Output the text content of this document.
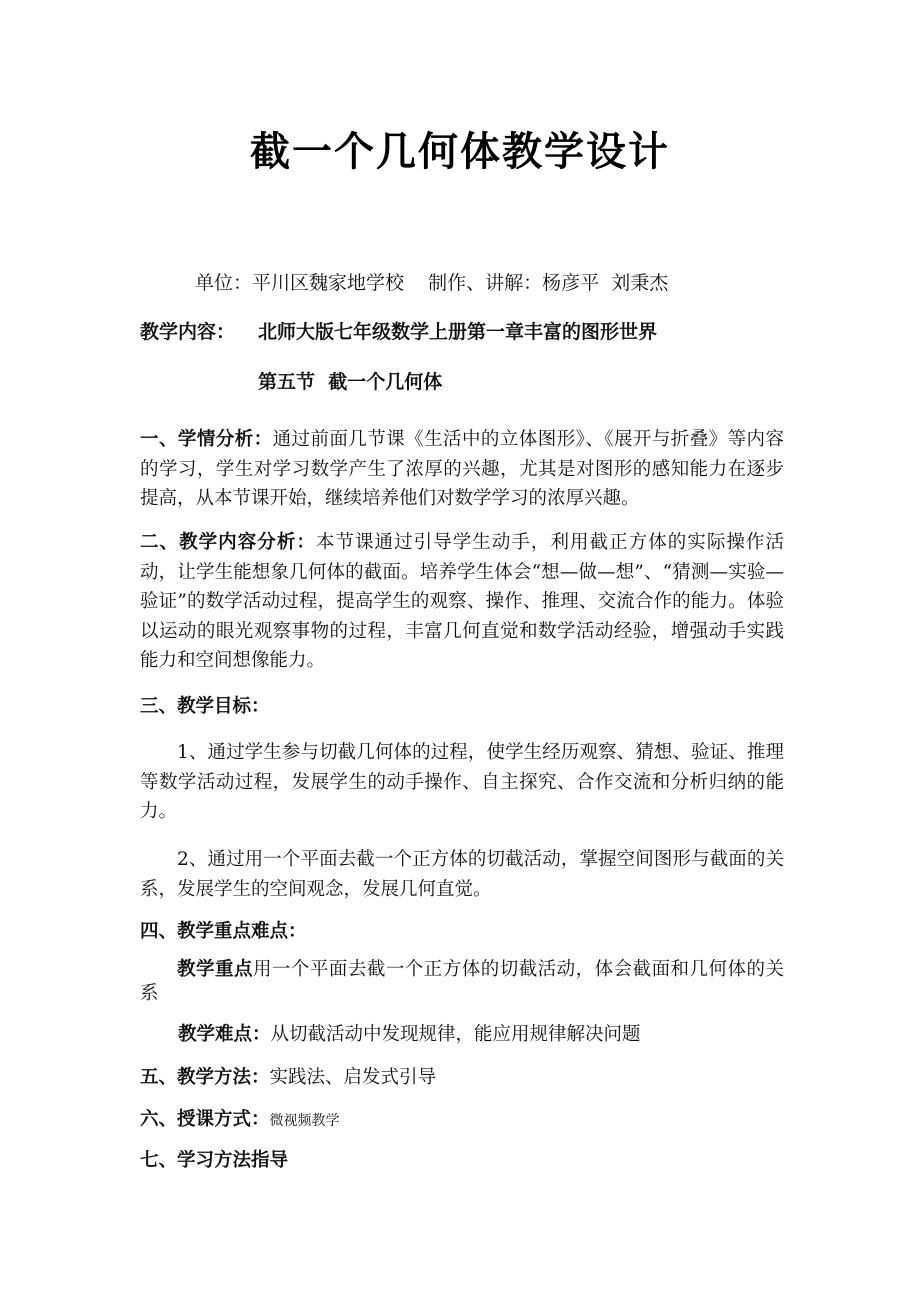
截一个几何体教学设计
单位：平川区魏家地学校    制作、讲解：杨彦平  刘秉杰
教学内容： 北师大版七年级数学上册第一章丰富的图形世界
第五节  截一个几何体
一、学情分析：通过前面几节课《生活中的立体图形》、《展开与折叠》等内容的学习，学生对学习数学产生了浓厚的兴趣，尤其是对图形的感知能力在逐步提高，从本节课开始，继续培养他们对数学学习的浓厚兴趣。
二、教学内容分析：本节课通过引导学生动手，利用截正方体的实际操作活动，让学生能想象几何体的截面。培养学生体会“想—做—想”、“猜测—实验—验证”的数学活动过程，提高学生的观察、操作、推理、交流合作的能力。体验以运动的眼光观察事物的过程，丰富几何直觉和数学活动经验，增强动手实践能力和空间想像能力。
三、教学目标：
1、通过学生参与切截几何体的过程，使学生经历观察、猜想、验证、推理等数学活动过程，发展学生的动手操作、自主探究、合作交流和分析归纳的能力。
2、通过用一个平面去截一个正方体的切截活动，掌握空间图形与截面的关系，发展学生的空间观念，发展几何直觉。
四、教学重点难点：
教学重点用一个平面去截一个正方体的切截活动，体会截面和几何体的关系
教学难点：从切截活动中发现规律，能应用规律解决问题
五、教学方法：实践法、启发式引导
六、授课方式：微视频教学
七、学习方法指导
